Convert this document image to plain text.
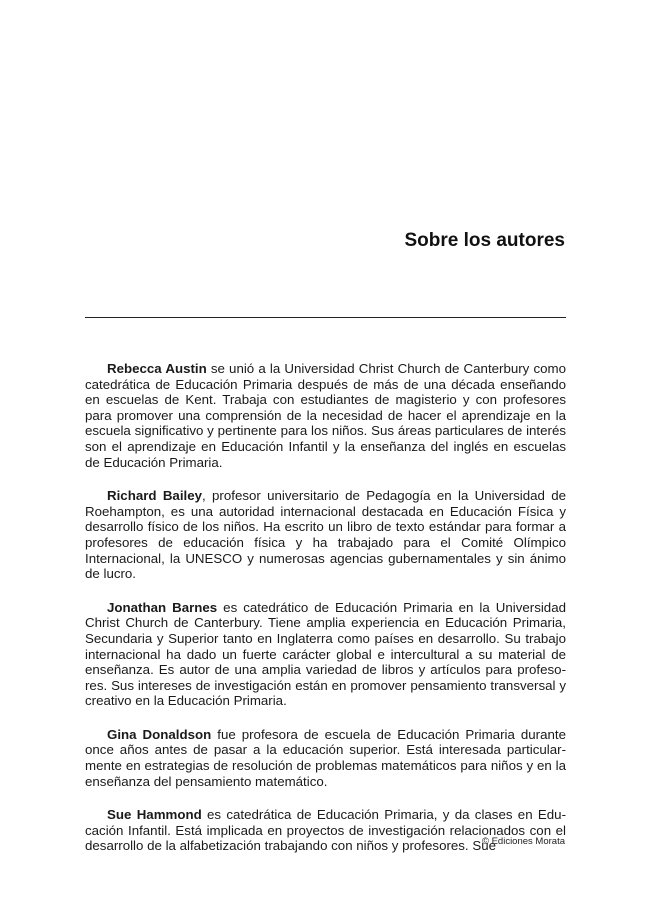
Sobre los autores

Rebecca Austin se unió a la Universidad Christ Church de Canterbury como catedrática de Educación Primaria después de más de una década enseñando en escuelas de Kent. Trabaja con estudiantes de magisterio y con profesores para promover una comprensión de la necesidad de hacer el aprendizaje en la escuela significativo y pertinente para los niños. Sus áreas particulares de interés son el aprendizaje en Educación Infantil y la enseñanza del inglés en escuelas de Educación Primaria.

Richard Bailey, profesor universitario de Pedagogía en la Universidad de Roehampton, es una autoridad internacional destacada en Educación Física y desarrollo físico de los niños. Ha escrito un libro de texto estándar para formar a profesores de educación física y ha trabajado para el Comité Olímpico Internacional, la UNESCO y numerosas agencias gubernamentales y sin ánimo de lucro.

Jonathan Barnes es catedrático de Educación Primaria en la Universidad Christ Church de Canterbury. Tiene amplia experiencia en Educación Primaria, Secundaria y Superior tanto en Inglaterra como países en desarrollo. Su trabajo internacional ha dado un fuerte carácter global e intercultural a su material de enseñanza. Es autor de una amplia variedad de libros y artículos para profesores. Sus intereses de investigación están en promover pensamiento transversal y creativo en la Educación Primaria.

Gina Donaldson fue profesora de escuela de Educación Primaria durante once años antes de pasar a la educación superior. Está interesada particularmente en estrategias de resolución de problemas matemáticos para niños y en la enseñanza del pensamiento matemático.

Sue Hammond es catedrática de Educación Primaria, y da clases en Educación Infantil. Está implicada en proyectos de investigación relacionados con el desarrollo de la alfabetización trabajando con niños y profesores. Sue

© Ediciones Morata
